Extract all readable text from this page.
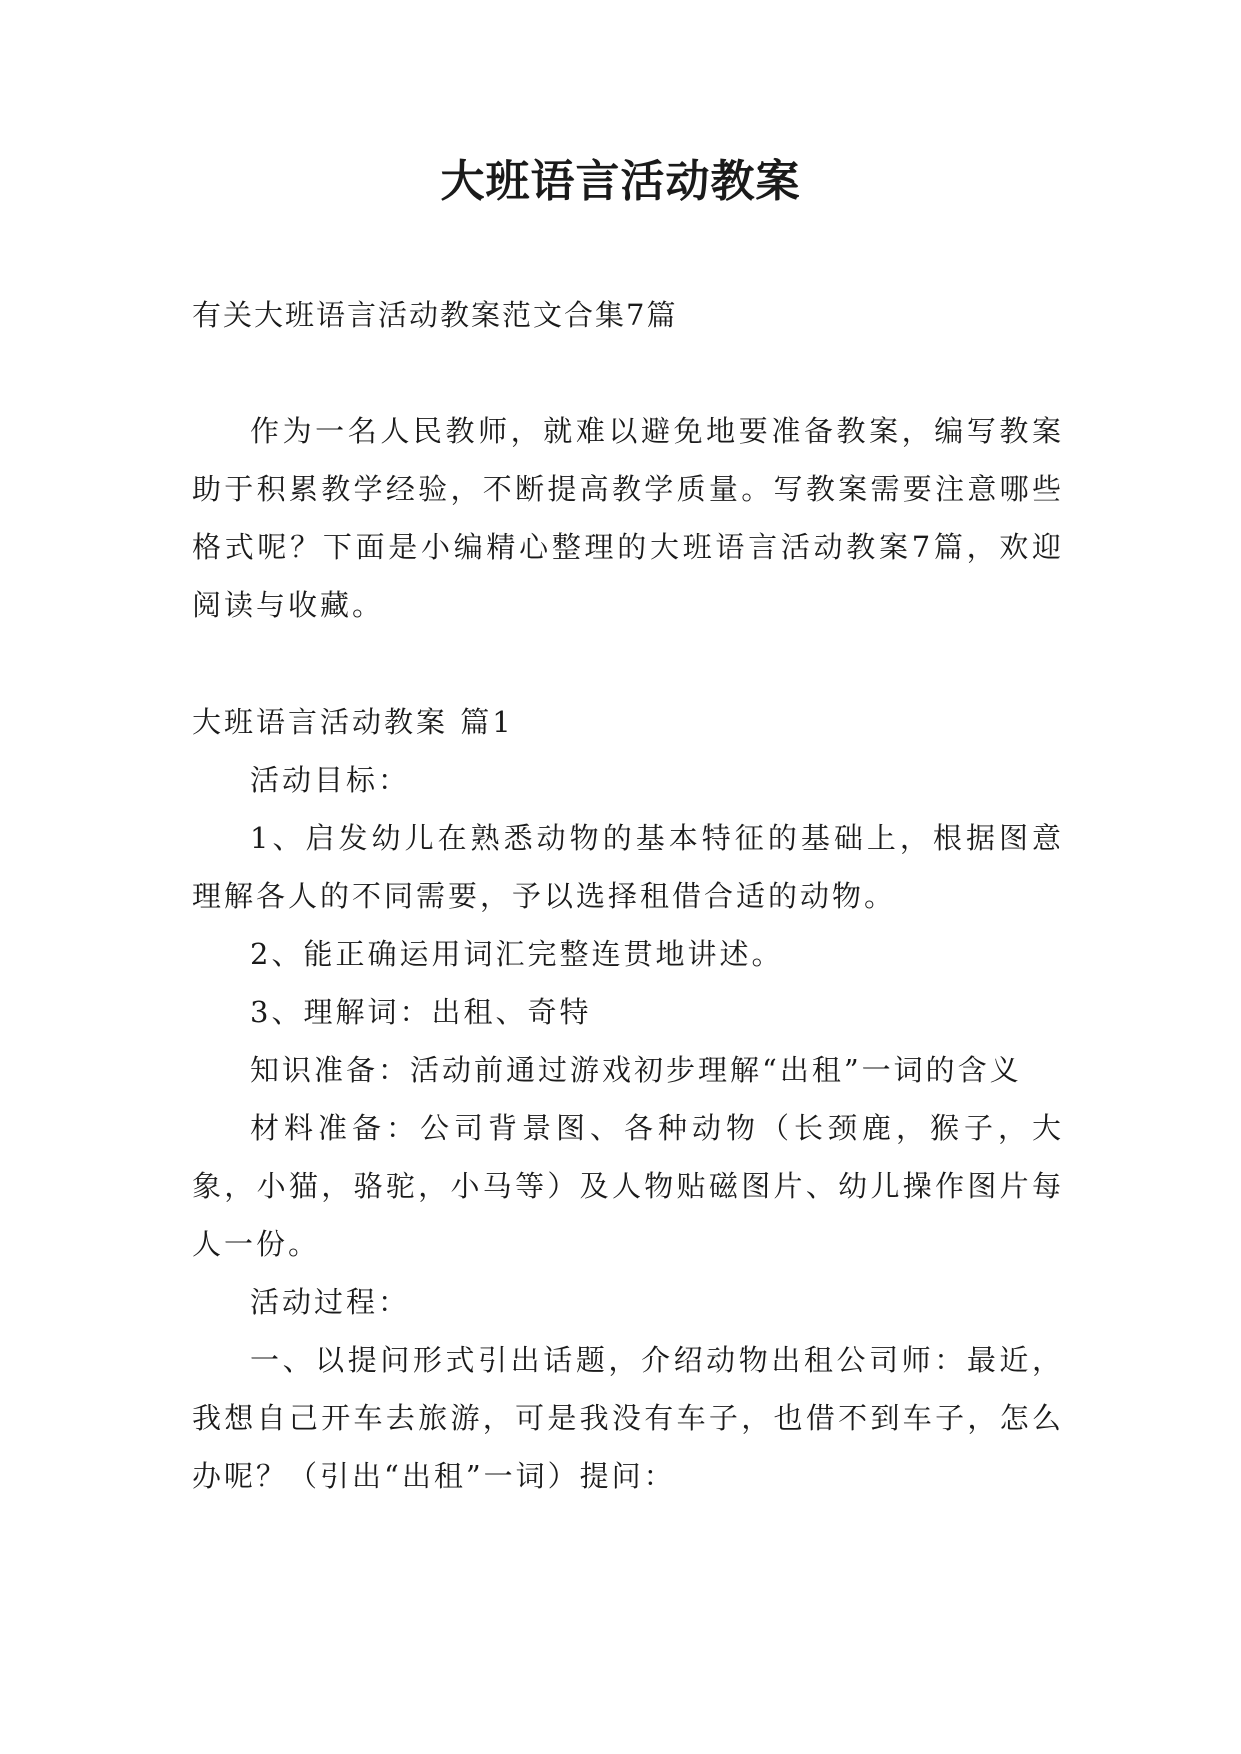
大班语言活动教案

有关大班语言活动教案范文合集7篇

作为一名人民教师，就难以避免地要准备教案，编写教案助于积累教学经验，不断提高教学质量。写教案需要注意哪些格式呢？下面是小编精心整理的大班语言活动教案7篇，欢迎阅读与收藏。

大班语言活动教案 篇1

活动目标：

1、启发幼儿在熟悉动物的基本特征的基础上，根据图意理解各人的不同需要，予以选择租借合适的动物。

2、能正确运用词汇完整连贯地讲述。

3、理解词：出租、奇特

知识准备：活动前通过游戏初步理解“出租”一词的含义

材料准备：公司背景图、各种动物（长颈鹿，猴子，大象，小猫，骆驼，小马等）及人物贴磁图片、幼儿操作图片每人一份。

活动过程：

一、以提问形式引出话题，介绍动物出租公司师：最近，我想自己开车去旅游，可是我没有车子，也借不到车子，怎么办呢？（引出“出租”一词）提问：
